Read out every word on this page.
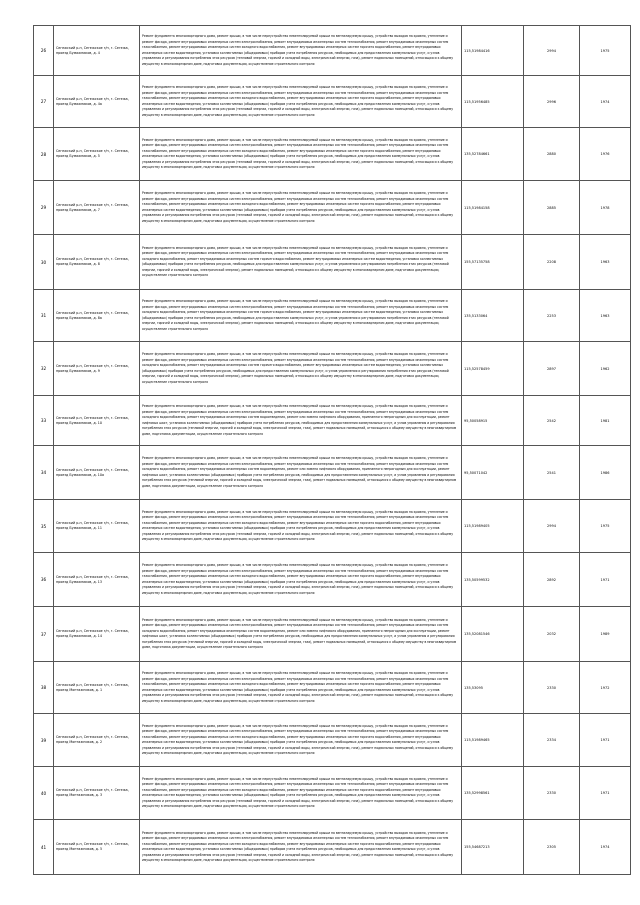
26	Сегежский р-н, Сегежское г/п, г. Сегежа, проезд Бумажников, д. 4	Ремонт фундамента многоквартирного дома, ремонт крыши, в том числе переустройство невентилируемой крыши на вентилируемую крышу, устройство выходов на кровлю, утепление и ремонт фасада, ремонт внутридомовых инженерных систем электроснабжения, ремонт внутридомовых инженерных систем теплоснабжения, ремонт внутридомовых инженерных систем газоснабжения, ремонт внутридомовых инженерных систем холодного водоснабжения, ремонт внутридомовых инженерных систем горячего водоснабжения, ремонт внутридомовых инженерных систем водоотведения, установка коллективных (общедомовых) приборов учета потребления ресурсов, необходимых для предоставления коммунальных услуг, и узлов управления и регулирования потребления этих ресурсов (тепловой энергии, горячей и холодной воды, электрической энергии, газа), ремонт подвальных помещений, относящихся к общему имуществу в многоквартирном доме, подготовка документации, осуществление строительного контроля	115,51984416	2994	1975
27	Сегежский р-н, Сегежское г/п, г. Сегежа, проезд Бумажников, д. 4а	Ремонт фундамента многоквартирного дома, ремонт крыши, в том числе переустройство невентилируемой крыши на вентилируемую крышу, устройство выходов на кровлю, утепление и ремонт фасада, ремонт внутридомовых инженерных систем электроснабжения, ремонт внутридомовых инженерных систем теплоснабжения, ремонт внутридомовых инженерных систем газоснабжения, ремонт внутридомовых инженерных систем холодного водоснабжения, ремонт внутридомовых инженерных систем горячего водоснабжения, ремонт внутридомовых инженерных систем водоотведения, установка коллективных (общедомовых) приборов учета потребления ресурсов, необходимых для предоставления коммунальных услуг, и узлов управления и регулирования потребления этих ресурсов (тепловой энергии, горячей и холодной воды, электрической энергии, газа), ремонт подвальных помещений, относящихся к общему имуществу в многоквартирном доме, подготовка документации, осуществление строительного контроля	115,51956485	2996	1974
28	Сегежский р-н, Сегежское г/п, г. Сегежа, проезд Бумажников, д. 5	Ремонт фундамента многоквартирного дома, ремонт крыши, в том числе переустройство невентилируемой крыши на вентилируемую крышу, устройство выходов на кровлю, утепление и ремонт фасада, ремонт внутридомовых инженерных систем электроснабжения, ремонт внутридомовых инженерных систем теплоснабжения, ремонт внутридомовых инженерных систем газоснабжения, ремонт внутридомовых инженерных систем холодного водоснабжения, ремонт внутридомовых инженерных систем горячего водоснабжения, ремонт внутридомовых инженерных систем водоотведения, установка коллективных (общедомовых) приборов учета потребления ресурсов, необходимых для предоставления коммунальных услуг, и узлов управления и регулирования потребления этих ресурсов (тепловой энергии, горячей и холодной воды, электрической энергии, газа), ремонт подвальных помещений, относящихся к общему имуществу в многоквартирном доме, подготовка документации, осуществление строительного контроля	135,52784661	2880	1976
29	Сегежский р-н, Сегежское г/п, г. Сегежа, проезд Бумажников, д. 7	Ремонт фундамента многоквартирного дома, ремонт крыши, в том числе переустройство невентилируемой крыши на вентилируемую крышу, устройство выходов на кровлю, утепление и ремонт фасада, ремонт внутридомовых инженерных систем электроснабжения, ремонт внутридомовых инженерных систем теплоснабжения, ремонт внутридомовых инженерных систем газоснабжения, ремонт внутридомовых инженерных систем холодного водоснабжения, ремонт внутридомовых инженерных систем горячего водоснабжения, ремонт внутридомовых инженерных систем водоотведения, установка коллективных (общедомовых) приборов учета потребления ресурсов, необходимых для предоставления коммунальных услуг, и узлов управления и регулирования потребления этих ресурсов (тепловой энергии, горячей и холодной воды, электрической энергии, газа), ремонт подвальных помещений, относящихся к общему имуществу в многоквартирном доме, подготовка документации, осуществление строительного контроля	115,51984158	2885	1978
30	Сегежский р-н, Сегежское г/п, г. Сегежа, проезд Бумажников, д. 8	Ремонт фундамента многоквартирного дома, ремонт крыши, в том числе переустройство невентилируемой крыши на вентилируемую крышу, устройство выходов на кровлю, утепление и ремонт фасада, ремонт внутридомовых инженерных систем электроснабжения, ремонт внутридомовых инженерных систем теплоснабжения, ремонт внутридомовых инженерных систем холодного водоснабжения, ремонт внутридомовых инженерных систем горячего водоснабжения, ремонт внутридомовых инженерных систем водоотведения, установка коллективных (общедомовых) приборов учета потребления ресурсов, необходимых для предоставления коммунальных услуг, и узлов управления и регулирования потребления этих ресурсов (тепловой энергии, горячей и холодной воды, электрической энергии), ремонт подвальных помещений, относящихся к общему имуществу в многоквартирном доме, подготовка документации, осуществление строительного контроля	155,57135758	2208	1963
31	Сегежский р-н, Сегежское г/п, г. Сегежа, проезд Бумажников, д. 8а	Ремонт фундамента многоквартирного дома, ремонт крыши, в том числе переустройство невентилируемой крыши на вентилируемую крышу, устройство выходов на кровлю, утепление и ремонт фасада, ремонт внутридомовых инженерных систем электроснабжения, ремонт внутридомовых инженерных систем теплоснабжения, ремонт внутридомовых инженерных систем холодного водоснабжения, ремонт внутридомовых инженерных систем горячего водоснабжения, ремонт внутридомовых инженерных систем водоотведения, установка коллективных (общедомовых) приборов учета потребления ресурсов, необходимых для предоставления коммунальных услуг, и узлов управления и регулирования потребления этих ресурсов (тепловой энергии, горячей и холодной воды, электрической энергии), ремонт подвальных помещений, относящихся к общему имуществу в многоквартирном доме, подготовка документации, осуществление строительного контроля	135,5133064	2253	1963
32	Сегежский р-н, Сегежское г/п, г. Сегежа, проезд Бумажников, д. 9	Ремонт фундамента многоквартирного дома, ремонт крыши, в том числе переустройство невентилируемой крыши на вентилируемую крышу, устройство выходов на кровлю, утепление и ремонт фасада, ремонт внутридомовых инженерных систем электроснабжения, ремонт внутридомовых инженерных систем теплоснабжения, ремонт внутридомовых инженерных систем холодного водоснабжения, ремонт внутридомовых инженерных систем горячего водоснабжения, ремонт внутридомовых инженерных систем водоотведения, установка коллективных (общедомовых) приборов учета потребления ресурсов, необходимых для предоставления коммунальных услуг, и узлов управления и регулирования потребления этих ресурсов (тепловой энергии, горячей и холодной воды, электрической энергии), ремонт подвальных помещений, относящихся к общему имуществу в многоквартирном доме, подготовка документации, осуществление строительного контроля	115,52578459	2897	1962
33	Сегежский р-н, Сегежское г/п, г. Сегежа, проезд Бумажников, д. 10	Ремонт фундамента многоквартирного дома, ремонт крыши, в том числе переустройство невентилируемой крыши на вентилируемую крышу, устройство выходов на кровлю, утепление и ремонт фасада, ремонт внутридомовых инженерных систем электроснабжения, ремонт внутридомовых инженерных систем теплоснабжения, ремонт внутридомовых инженерных систем холодного водоснабжения, ремонт внутридомовых инженерных систем водоотведения, ремонт или замена лифтового оборудования, признанного непригодным для эксплуатации, ремонт лифтовых шахт, установка коллективных (общедомовых) приборов учета потребления ресурсов, необходимых для предоставления коммунальных услуг, и узлов управления и регулирования потребления этих ресурсов (тепловой энергии, горячей и холодной воды, электрической энергии, газа), ремонт подвальных помещений, относящихся к общему имуществу в многоквартирном доме, подготовка документации, осуществление строительного контроля	95,50058915	2542	1981
34	Сегежский р-н, Сегежское г/п, г. Сегежа, проезд Бумажников, д. 10а	Ремонт фундамента многоквартирного дома, ремонт крыши, в том числе переустройство невентилируемой крыши на вентилируемую крышу, устройство выходов на кровлю, утепление и ремонт фасада, ремонт внутридомовых инженерных систем электроснабжения, ремонт внутридомовых инженерных систем теплоснабжения, ремонт внутридомовых инженерных систем холодного водоснабжения, ремонт внутридомовых инженерных систем водоотведения, ремонт или замена лифтового оборудования, признанного непригодным для эксплуатации, ремонт лифтовых шахт, установка коллективных (общедомовых) приборов учета потребления ресурсов, необходимых для предоставления коммунальных услуг, и узлов управления и регулирования потребления этих ресурсов (тепловой энергии, горячей и холодной воды, электрической энергии, газа), ремонт подвальных помещений, относящихся к общему имуществу в многоквартирном доме, подготовка документации, осуществление строительного контроля	95,50071042	2541	1986
35	Сегежский р-н, Сегежское г/п, г. Сегежа, проезд Бумажников, д. 11	Ремонт фундамента многоквартирного дома, ремонт крыши, в том числе переустройство невентилируемой крыши на вентилируемую крышу, устройство выходов на кровлю, утепление и ремонт фасада, ремонт внутридомовых инженерных систем электроснабжения, ремонт внутридомовых инженерных систем теплоснабжения, ремонт внутридомовых инженерных систем газоснабжения, ремонт внутридомовых инженерных систем холодного водоснабжения, ремонт внутридомовых инженерных систем горячего водоснабжения, ремонт внутридомовых инженерных систем водоотведения, установка коллективных (общедомовых) приборов учета потребления ресурсов, необходимых для предоставления коммунальных услуг, и узлов управления и регулирования потребления этих ресурсов (тепловой энергии, горячей и холодной воды, электрической энергии, газа), ремонт подвальных помещений, относящихся к общему имуществу в многоквартирном доме, подготовка документации, осуществление строительного контроля	115,51989405	2994	1975
36	Сегежский р-н, Сегежское г/п, г. Сегежа, проезд Бумажников, д. 13	Ремонт фундамента многоквартирного дома, ремонт крыши, в том числе переустройство невентилируемой крыши на вентилируемую крышу, устройство выходов на кровлю, утепление и ремонт фасада, ремонт внутридомовых инженерных систем электроснабжения, ремонт внутридомовых инженерных систем теплоснабжения, ремонт внутридомовых инженерных систем газоснабжения, ремонт внутридомовых инженерных систем холодного водоснабжения, ремонт внутридомовых инженерных систем горячего водоснабжения, ремонт внутридомовых инженерных систем водоотведения, установка коллективных (общедомовых) приборов учета потребления ресурсов, необходимых для предоставления коммунальных услуг, и узлов управления и регулирования потребления этих ресурсов (тепловой энергии, горячей и холодной воды, электрической энергии, газа), ремонт подвальных помещений, относящихся к общему имуществу в многоквартирном доме, подготовка документации, осуществление строительного контроля	135,50599532	2892	1971
37	Сегежский р-н, Сегежское г/п, г. Сегежа, проезд Бумажников, д. 14	Ремонт фундамента многоквартирного дома, ремонт крыши, в том числе переустройство невентилируемой крыши на вентилируемую крышу, устройство выходов на кровлю, утепление и ремонт фасада, ремонт внутридомовых инженерных систем электроснабжения, ремонт внутридомовых инженерных систем теплоснабжения, ремонт внутридомовых инженерных систем холодного водоснабжения, ремонт внутридомовых инженерных систем водоотведения, ремонт или замена лифтового оборудования, признанного непригодным для эксплуатации, ремонт лифтовых шахт, установка коллективных (общедомовых) приборов учета потребления ресурсов, необходимых для предоставления коммунальных услуг, и узлов управления и регулирования потребления этих ресурсов (тепловой энергии, горячей и холодной воды, электрической энергии, газа), ремонт подвальных помещений, относящихся к общему имуществу в многоквартирном доме, подготовка документации, осуществление строительного контроля	135,52081546	2032	1989
38	Сегежский р-н, Сегежское г/п, г. Сегежа, проезд Монтажников, д. 1	Ремонт фундамента многоквартирного дома, ремонт крыши, в том числе переустройство невентилируемой крыши на вентилируемую крышу, устройство выходов на кровлю, утепление и ремонт фасада, ремонт внутридомовых инженерных систем электроснабжения, ремонт внутридомовых инженерных систем теплоснабжения, ремонт внутридомовых инженерных систем газоснабжения, ремонт внутридомовых инженерных систем холодного водоснабжения, ремонт внутридомовых инженерных систем горячего водоснабжения, ремонт внутридомовых инженерных систем водоотведения, установка коллективных (общедомовых) приборов учета потребления ресурсов, необходимых для предоставления коммунальных услуг, и узлов управления и регулирования потребления этих ресурсов (тепловой энергии, горячей и холодной воды, электрической энергии, газа), ремонт подвальных помещений, относящихся к общему имуществу в многоквартирном доме, подготовка документации, осуществление строительного контроля	135,53095	2330	1972
39	Сегежский р-н, Сегежское г/п, г. Сегежа, проезд Монтажников, д. 2	Ремонт фундамента многоквартирного дома, ремонт крыши, в том числе переустройство невентилируемой крыши на вентилируемую крышу, устройство выходов на кровлю, утепление и ремонт фасада, ремонт внутридомовых инженерных систем электроснабжения, ремонт внутридомовых инженерных систем теплоснабжения, ремонт внутридомовых инженерных систем газоснабжения, ремонт внутридомовых инженерных систем холодного водоснабжения, ремонт внутридомовых инженерных систем горячего водоснабжения, ремонт внутридомовых инженерных систем водоотведения, установка коллективных (общедомовых) приборов учета потребления ресурсов, необходимых для предоставления коммунальных услуг, и узлов управления и регулирования потребления этих ресурсов (тепловой энергии, горячей и холодной воды, электрической энергии, газа), ремонт подвальных помещений, относящихся к общему имуществу в многоквартирном доме, подготовка документации, осуществление строительного контроля	115,51989465	2334	1971
40	Сегежский р-н, Сегежское г/п, г. Сегежа, проезд Монтажников, д. 3	Ремонт фундамента многоквартирного дома, ремонт крыши, в том числе переустройство невентилируемой крыши на вентилируемую крышу, устройство выходов на кровлю, утепление и ремонт фасада, ремонт внутридомовых инженерных систем электроснабжения, ремонт внутридомовых инженерных систем теплоснабжения, ремонт внутридомовых инженерных систем газоснабжения, ремонт внутридомовых инженерных систем холодного водоснабжения, ремонт внутридомовых инженерных систем горячего водоснабжения, ремонт внутридомовых инженерных систем водоотведения, установка коллективных (общедомовых) приборов учета потребления ресурсов, необходимых для предоставления коммунальных услуг, и узлов управления и регулирования потребления этих ресурсов (тепловой энергии, горячей и холодной воды, электрической энергии, газа), ремонт подвальных помещений, относящихся к общему имуществу в многоквартирном доме, подготовка документации, осуществление строительного контроля	135,52998561	2330	1971
41	Сегежский р-н, Сегежское г/п, г. Сегежа, проезд Монтажников, д. 5	Ремонт фундамента многоквартирного дома, ремонт крыши, в том числе переустройство невентилируемой крыши на вентилируемую крышу, устройство выходов на кровлю, утепление и ремонт фасада, ремонт внутридомовых инженерных систем электроснабжения, ремонт внутридомовых инженерных систем теплоснабжения, ремонт внутридомовых инженерных систем газоснабжения, ремонт внутридомовых инженерных систем холодного водоснабжения, ремонт внутридомовых инженерных систем горячего водоснабжения, ремонт внутридомовых инженерных систем водоотведения, установка коллективных (общедомовых) приборов учета потребления ресурсов, необходимых для предоставления коммунальных услуг, и узлов управления и регулирования потребления этих ресурсов (тепловой энергии, горячей и холодной воды, электрической энергии, газа), ремонт подвальных помещений, относящихся к общему имуществу в многоквартирном доме, подготовка документации, осуществление строительного контроля	155,54687213	2305	1974
